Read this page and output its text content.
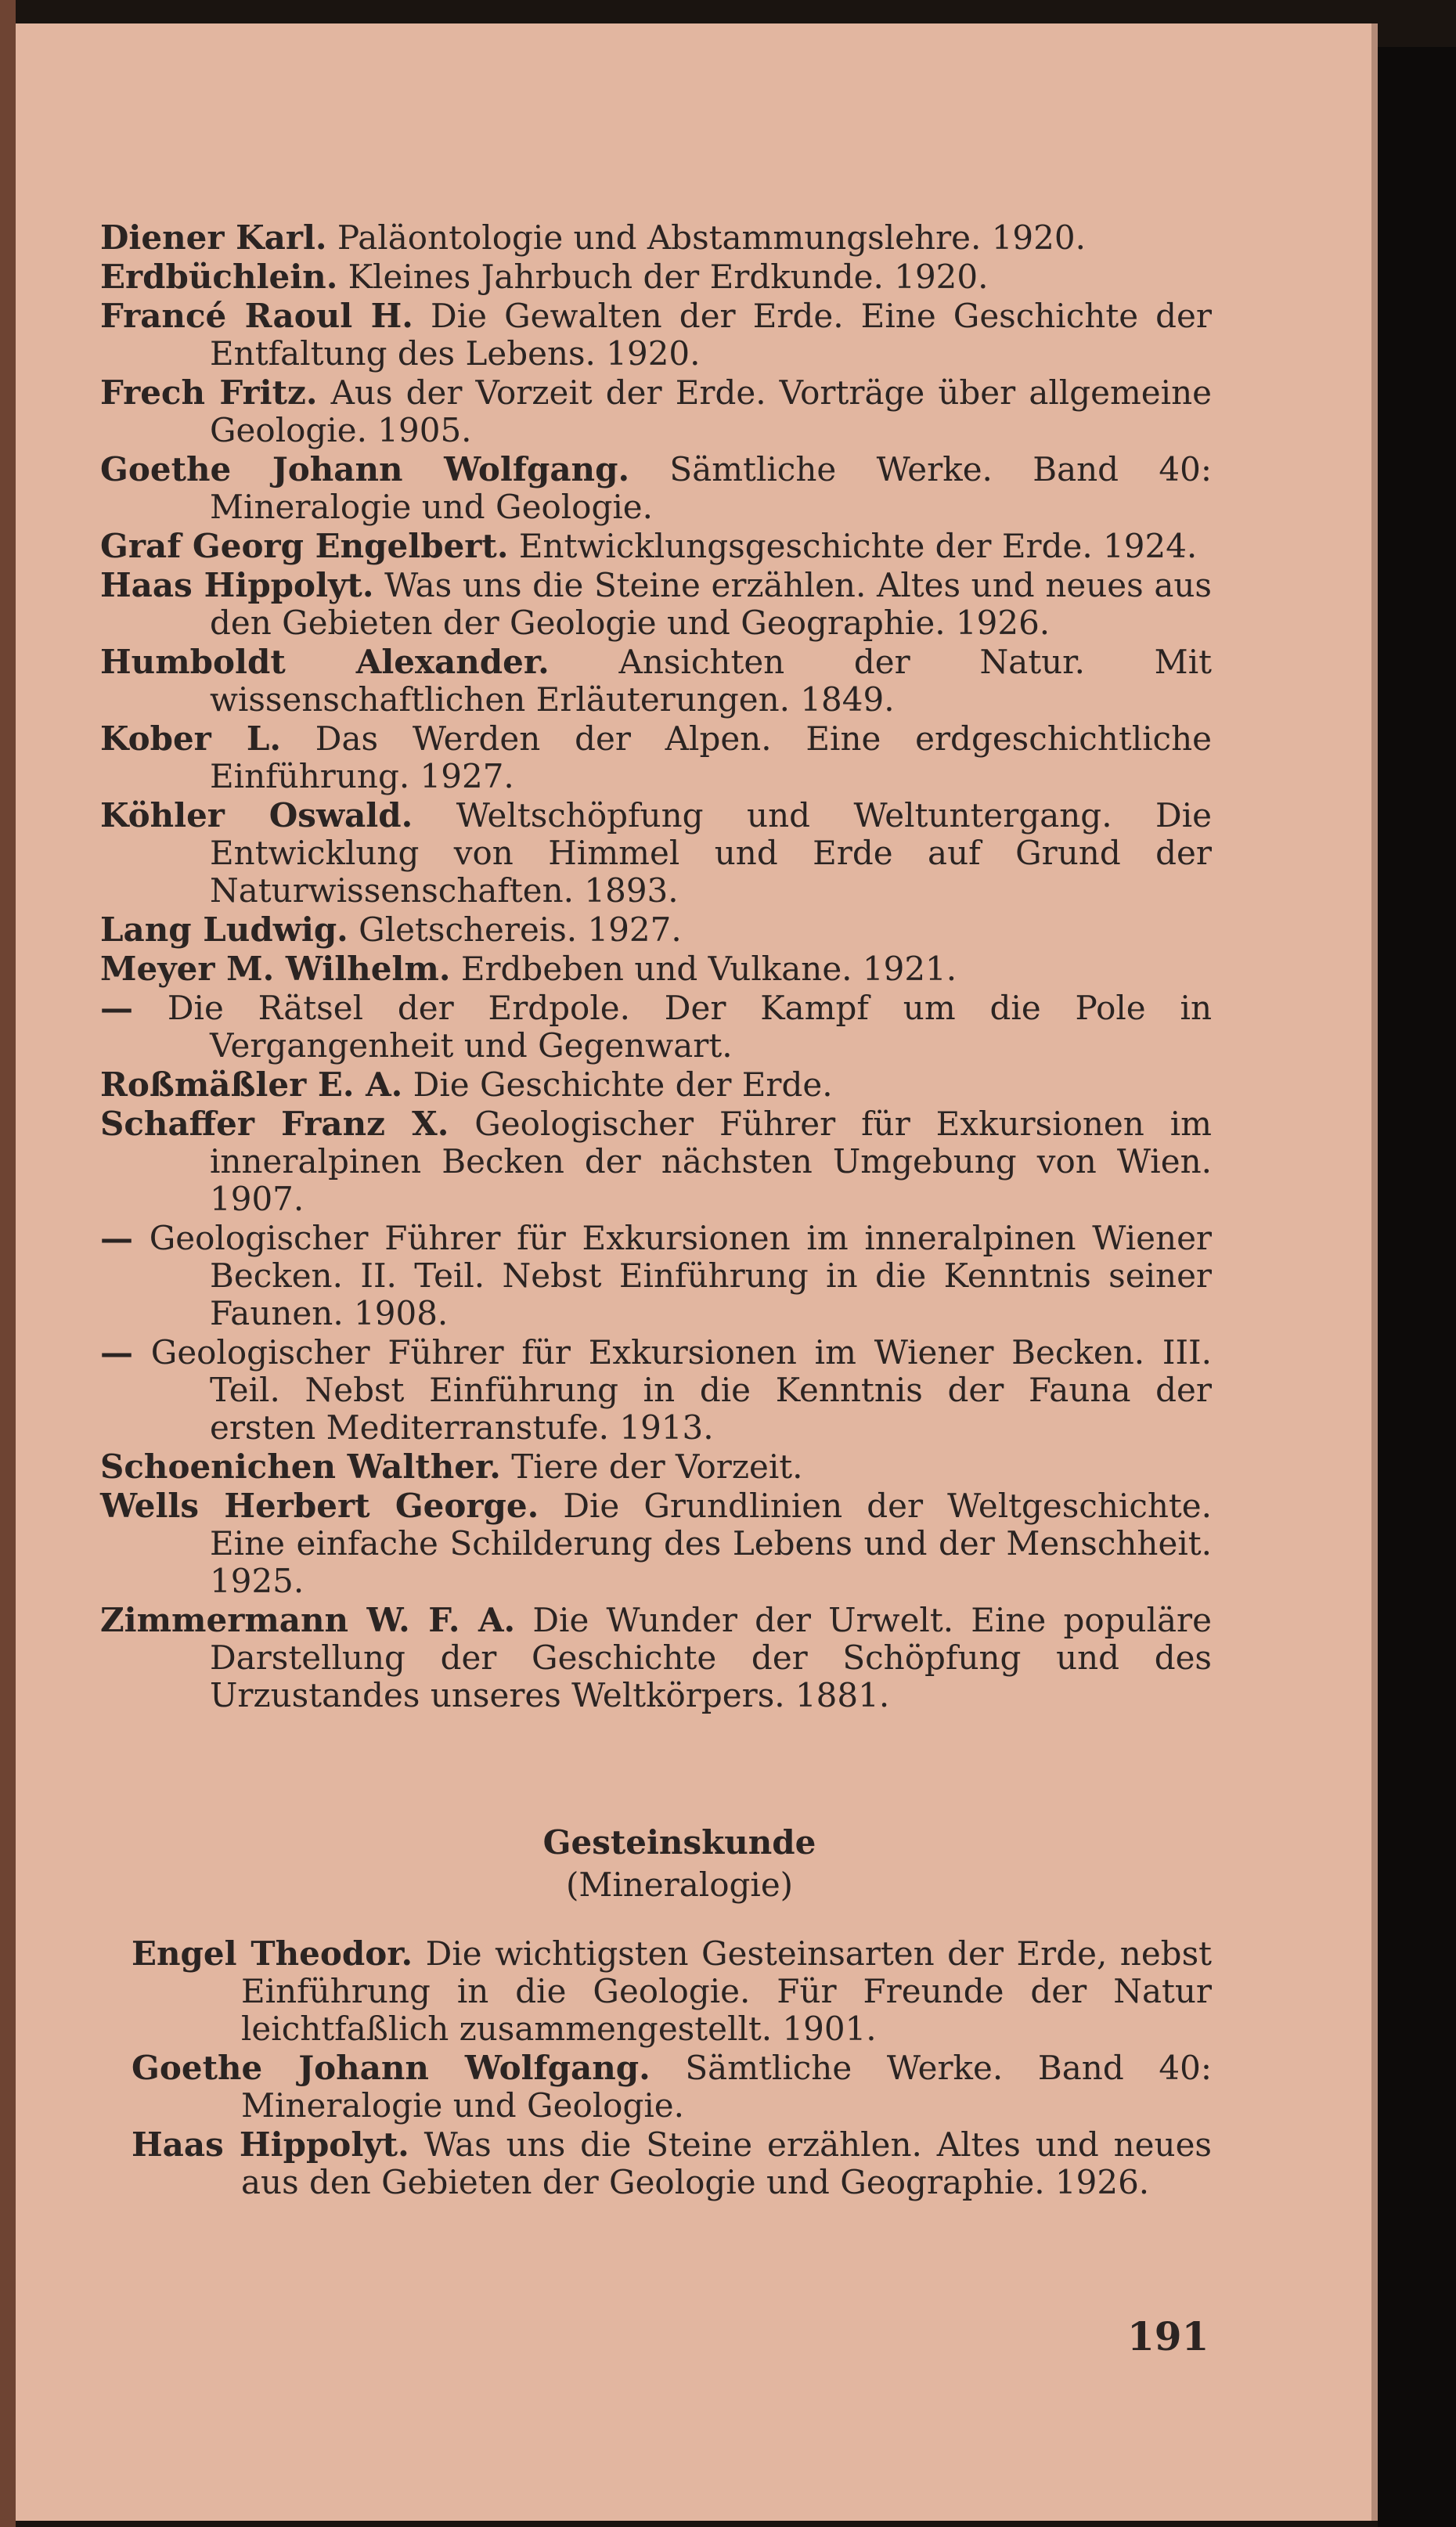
Diener Karl. Paläontologie und Abstammungslehre. 1920.

Erdbüchlein. Kleines Jahrbuch der Erdkunde. 1920.

Francé Raoul H. Die Gewalten der Erde. Eine Geschichte der Entfaltung des Lebens. 1920.

Frech Fritz. Aus der Vorzeit der Erde. Vorträge über allgemeine Geologie. 1905.

Goethe Johann Wolfgang. Sämtliche Werke. Band 40: Mineralogie und Geologie.

Graf Georg Engelbert. Entwicklungsgeschichte der Erde. 1924.

Haas Hippolyt. Was uns die Steine erzählen. Altes und neues aus den Gebieten der Geologie und Geographie. 1926.

Humboldt Alexander. Ansichten der Natur. Mit wissenschaftlichen Erläuterungen. 1849.

Kober L. Das Werden der Alpen. Eine erdgeschichtliche Einführung. 1927.

Köhler Oswald. Weltschöpfung und Weltuntergang. Die Entwicklung von Himmel und Erde auf Grund der Naturwissenschaften. 1893.

Lang Ludwig. Gletschereis. 1927.

Meyer M. Wilhelm. Erdbeben und Vulkane. 1921.

— Die Rätsel der Erdpole. Der Kampf um die Pole in Vergangenheit und Gegenwart.

Roßmäßler E. A. Die Geschichte der Erde.

Schaffer Franz X. Geologischer Führer für Exkursionen im inneralpinen Becken der nächsten Umgebung von Wien. 1907.

— Geologischer Führer für Exkursionen im inneralpinen Wiener Becken. II. Teil. Nebst Einführung in die Kenntnis seiner Faunen. 1908.

— Geologischer Führer für Exkursionen im Wiener Becken. III. Teil. Nebst Einführung in die Kenntnis der Fauna der ersten Mediterranstufe. 1913.

Schoenichen Walther. Tiere der Vorzeit.

Wells Herbert George. Die Grundlinien der Weltgeschichte. Eine einfache Schilderung des Lebens und der Menschheit. 1925.

Zimmermann W. F. A. Die Wunder der Urwelt. Eine populäre Darstellung der Geschichte der Schöpfung und des Urzustandes unseres Weltkörpers. 1881.

Gesteinskunde
(Mineralogie)

Engel Theodor. Die wichtigsten Gesteinsarten der Erde, nebst Einführung in die Geologie. Für Freunde der Natur leichtfaßlich zusammengestellt. 1901.

Goethe Johann Wolfgang. Sämtliche Werke. Band 40: Mineralogie und Geologie.

Haas Hippolyt. Was uns die Steine erzählen. Altes und neues aus den Gebieten der Geologie und Geographie. 1926.

191
